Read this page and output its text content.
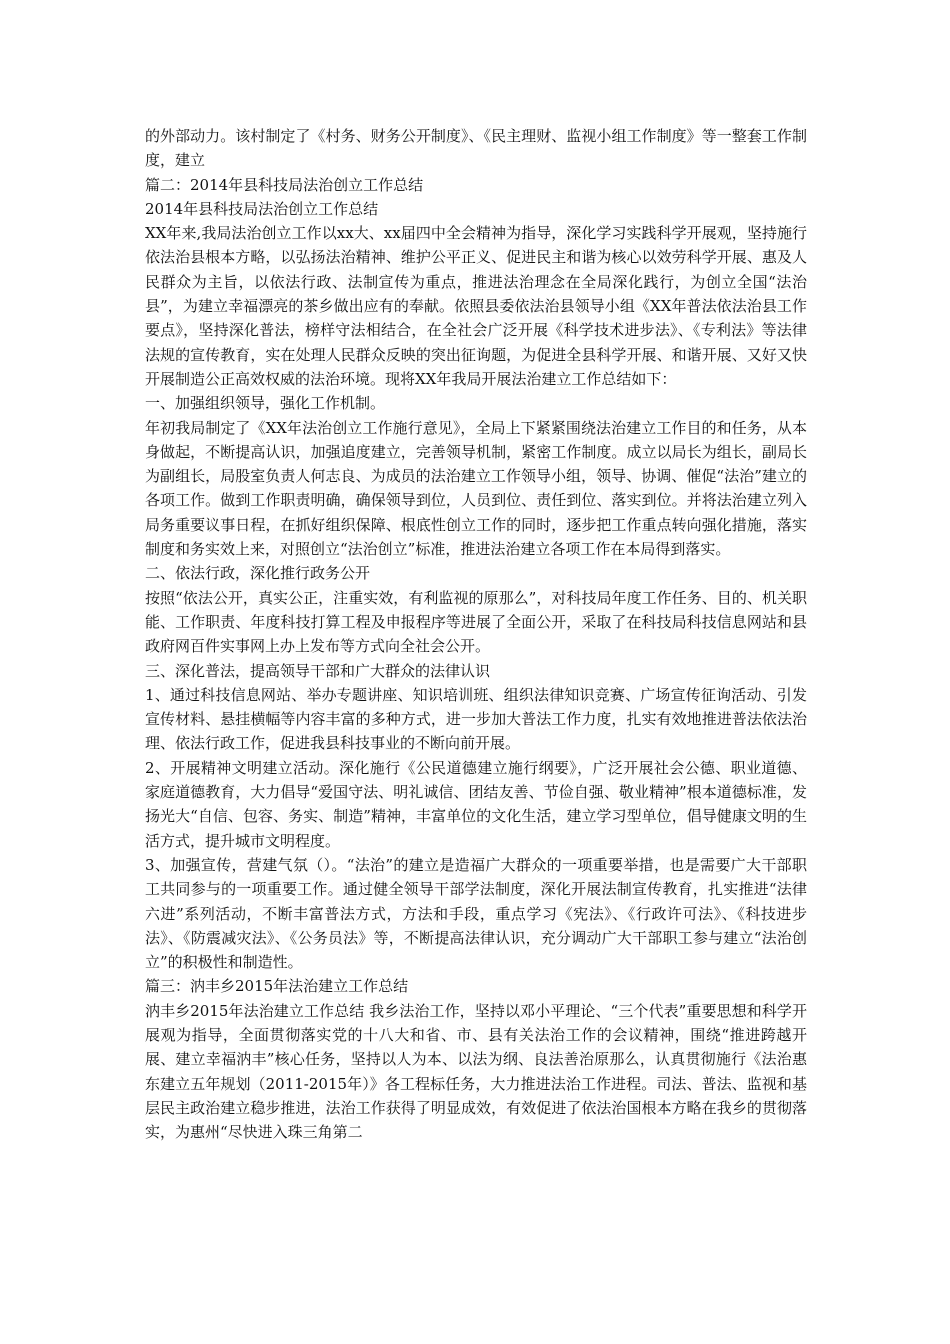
的外部动力。该村制定了《村务、财务公开制度》、《民主理财、监视小组工作制度》等一整套工作制度，建立

篇二：2014年县科技局法治创立工作总结

2014年县科技局法治创立工作总结

XX年来,我局法治创立工作以xx大、xx届四中全会精神为指导，深化学习实践科学开展观，坚持施行依法治县根本方略，以弘扬法治精神、维护公平正义、促进民主和谐为核心以效劳科学开展、惠及人民群众为主旨，以依法行政、法制宣传为重点，推进法治理念在全局深化践行，为创立全国“法治县”，为建立幸福漂亮的茶乡做出应有的奉献。依照县委依法治县领导小组《XX年普法依法治县工作要点》，坚持深化普法，榜样守法相结合，在全社会广泛开展《科学技术进步法》、《专利法》等法律法规的宣传教育，实在处理人民群众反映的突出征询题，为促进全县科学开展、和谐开展、又好又快开展制造公正高效权威的法治环境。现将XX年我局开展法治建立工作总结如下：

一、加强组织领导，强化工作机制。

年初我局制定了《XX年法治创立工作施行意见》，全局上下紧紧围绕法治建立工作目的和任务，从本身做起，不断提高认识，加强追度建立，完善领导机制，紧密工作制度。成立以局长为组长，副局长为副组长，局股室负责人何志良、为成员的法治建立工作领导小组，领导、协调、催促“法治”建立的各项工作。做到工作职责明确，确保领导到位，人员到位、责任到位、落实到位。并将法治建立列入局务重要议事日程，在抓好组织保障、根底性创立工作的同时，逐步把工作重点转向强化措施，落实制度和务实效上来，对照创立“法治创立”标准，推进法治建立各项工作在本局得到落实。

二、依法行政，深化推行政务公开

按照“依法公开，真实公正，注重实效，有利监视的原那么”，对科技局年度工作任务、目的、机关职能、工作职责、年度科技打算工程及申报程序等进展了全面公开，采取了在科技局科技信息网站和县政府网百件实事网上办上发布等方式向全社会公开。

三、深化普法，提高领导干部和广大群众的法律认识

1、通过科技信息网站、举办专题讲座、知识培训班、组织法律知识竞赛、广场宣传征询活动、引发宣传材料、悬挂横幅等内容丰富的多种方式，进一步加大普法工作力度，扎实有效地推进普法依法治理、依法行政工作，促进我县科技事业的不断向前开展。

2、开展精神文明建立活动。深化施行《公民道德建立施行纲要》，广泛开展社会公德、职业道德、家庭道德教育，大力倡导“爱国守法、明礼诚信、团结友善、节俭自强、敬业精神”根本道德标准，发扬光大“自信、包容、务实、制造”精神，丰富单位的文化生活，建立学习型单位，倡导健康文明的生活方式，提升城市文明程度。

3、加强宣传，营建气氛（）。“法治”的建立是造福广大群众的一项重要举措，也是需要广大干部职工共同参与的一项重要工作。通过健全领导干部学法制度，深化开展法制宣传教育，扎实推进“法律六进”系列活动，不断丰富普法方式，方法和手段，重点学习《宪法》、《行政许可法》、《科技进步法》、《防震减灾法》、《公务员法》等，不断提高法律认识，充分调动广大干部职工参与建立“法治创立”的积极性和制造性。

篇三：汭丰乡2015年法治建立工作总结

汭丰乡2015年法治建立工作总结 我乡法治工作，坚持以邓小平理论、“三个代表”重要思想和科学开展观为指导，全面贯彻落实党的十八大和省、市、县有关法治工作的会议精神，围绕“推进跨越开展、建立幸福汭丰”核心任务，坚持以人为本、以法为纲、良法善治原那么，认真贯彻施行《法治惠东建立五年规划（2011-2015年）》各工程标任务，大力推进法治工作进程。司法、普法、监视和基层民主政治建立稳步推进，法治工作获得了明显成效，有效促进了依法治国根本方略在我乡的贯彻落实，为惠州“尽快进入珠三角第二
